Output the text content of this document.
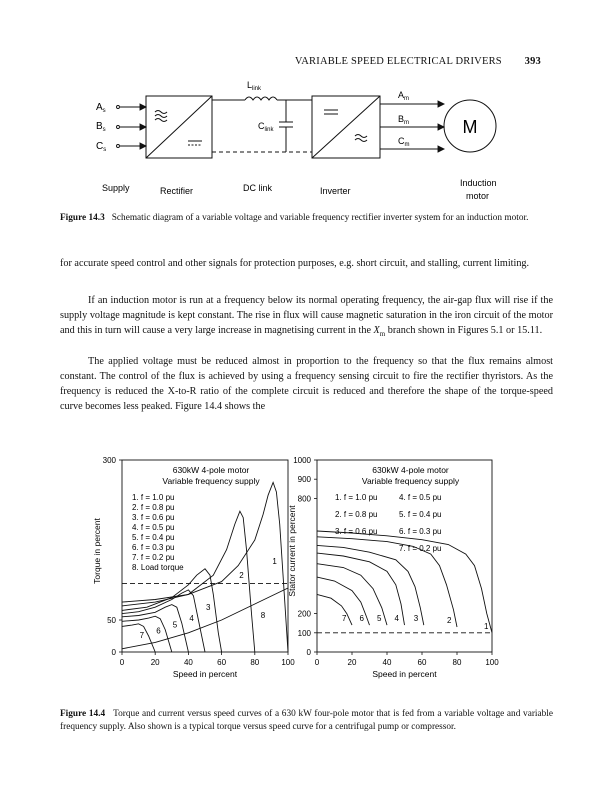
VARIABLE SPEED ELECTRICAL DRIVERS 393
$A_s$
$B_s$
$C_s$
$L_{link}$
$C_{link}$
$A_m$
$B_m$
$C_m$
M
Supply	Rectifier	DC link	Inverter
Induction
motor
Figure 14.3 Schematic diagram of a variable voltage and variable frequency rectifier inverter system for an induction motor.
for accurate speed control and other signals for protection purposes, e.g. short circuit, and stalling, current limiting.
If an induction motor is run at a frequency below its normal operating frequency, the air-gap flux will rise if the supply voltage magnitude is kept constant. The rise in flux will cause magnetic saturation in the iron circuit of the motor and this in turn will cause a very large increase in magnetising current in the $X_m$ branch shown in Figures 5.1 or 15.11.
The applied voltage must be reduced almost in proportion to the frequency so that the flux remains almost constant. The control of the flux is achieved by using a frequency sensing circuit to fire the rectifier thyristors. As the frequency is reduced the X-to-R ratio of the complete circuit is reduced and therefore the shape of the torque-speed curve becomes less peaked. Figure 14.4 shows the
0	20	40	60	80	100
0
50
300
Speed in percent
Torque in percent
630kW 4-pole motor
Variable frequency supply
1. f = 1.0 pu
2. f = 0.8 pu
3. f = 0.6 pu
4. f = 0.5 pu
5. f = 0.4 pu
6. f = 0.3 pu
7. f = 0.2 pu
8. Load torque
1
2
3
4
5
6
7
8
0	20	40	60	80	100
0
100
200
800
900
1000
Speed in percent
Stator current in percent
630kW 4-pole motor
Variable frequency supply
1. f = 1.0 pu
2. f = 0.8 pu
3. f = 0.6 pu
4. f = 0.5 pu
5. f = 0.4 pu
6. f = 0.3 pu
7. f = 0.2 pu
1
2
3
4
5
6
7
Figure 14.4 Torque and current versus speed curves of a 630 kW four-pole motor that is fed from a variable voltage and variable frequency supply. Also shown is a typical torque versus speed curve for a centrifugal pump or compressor.
